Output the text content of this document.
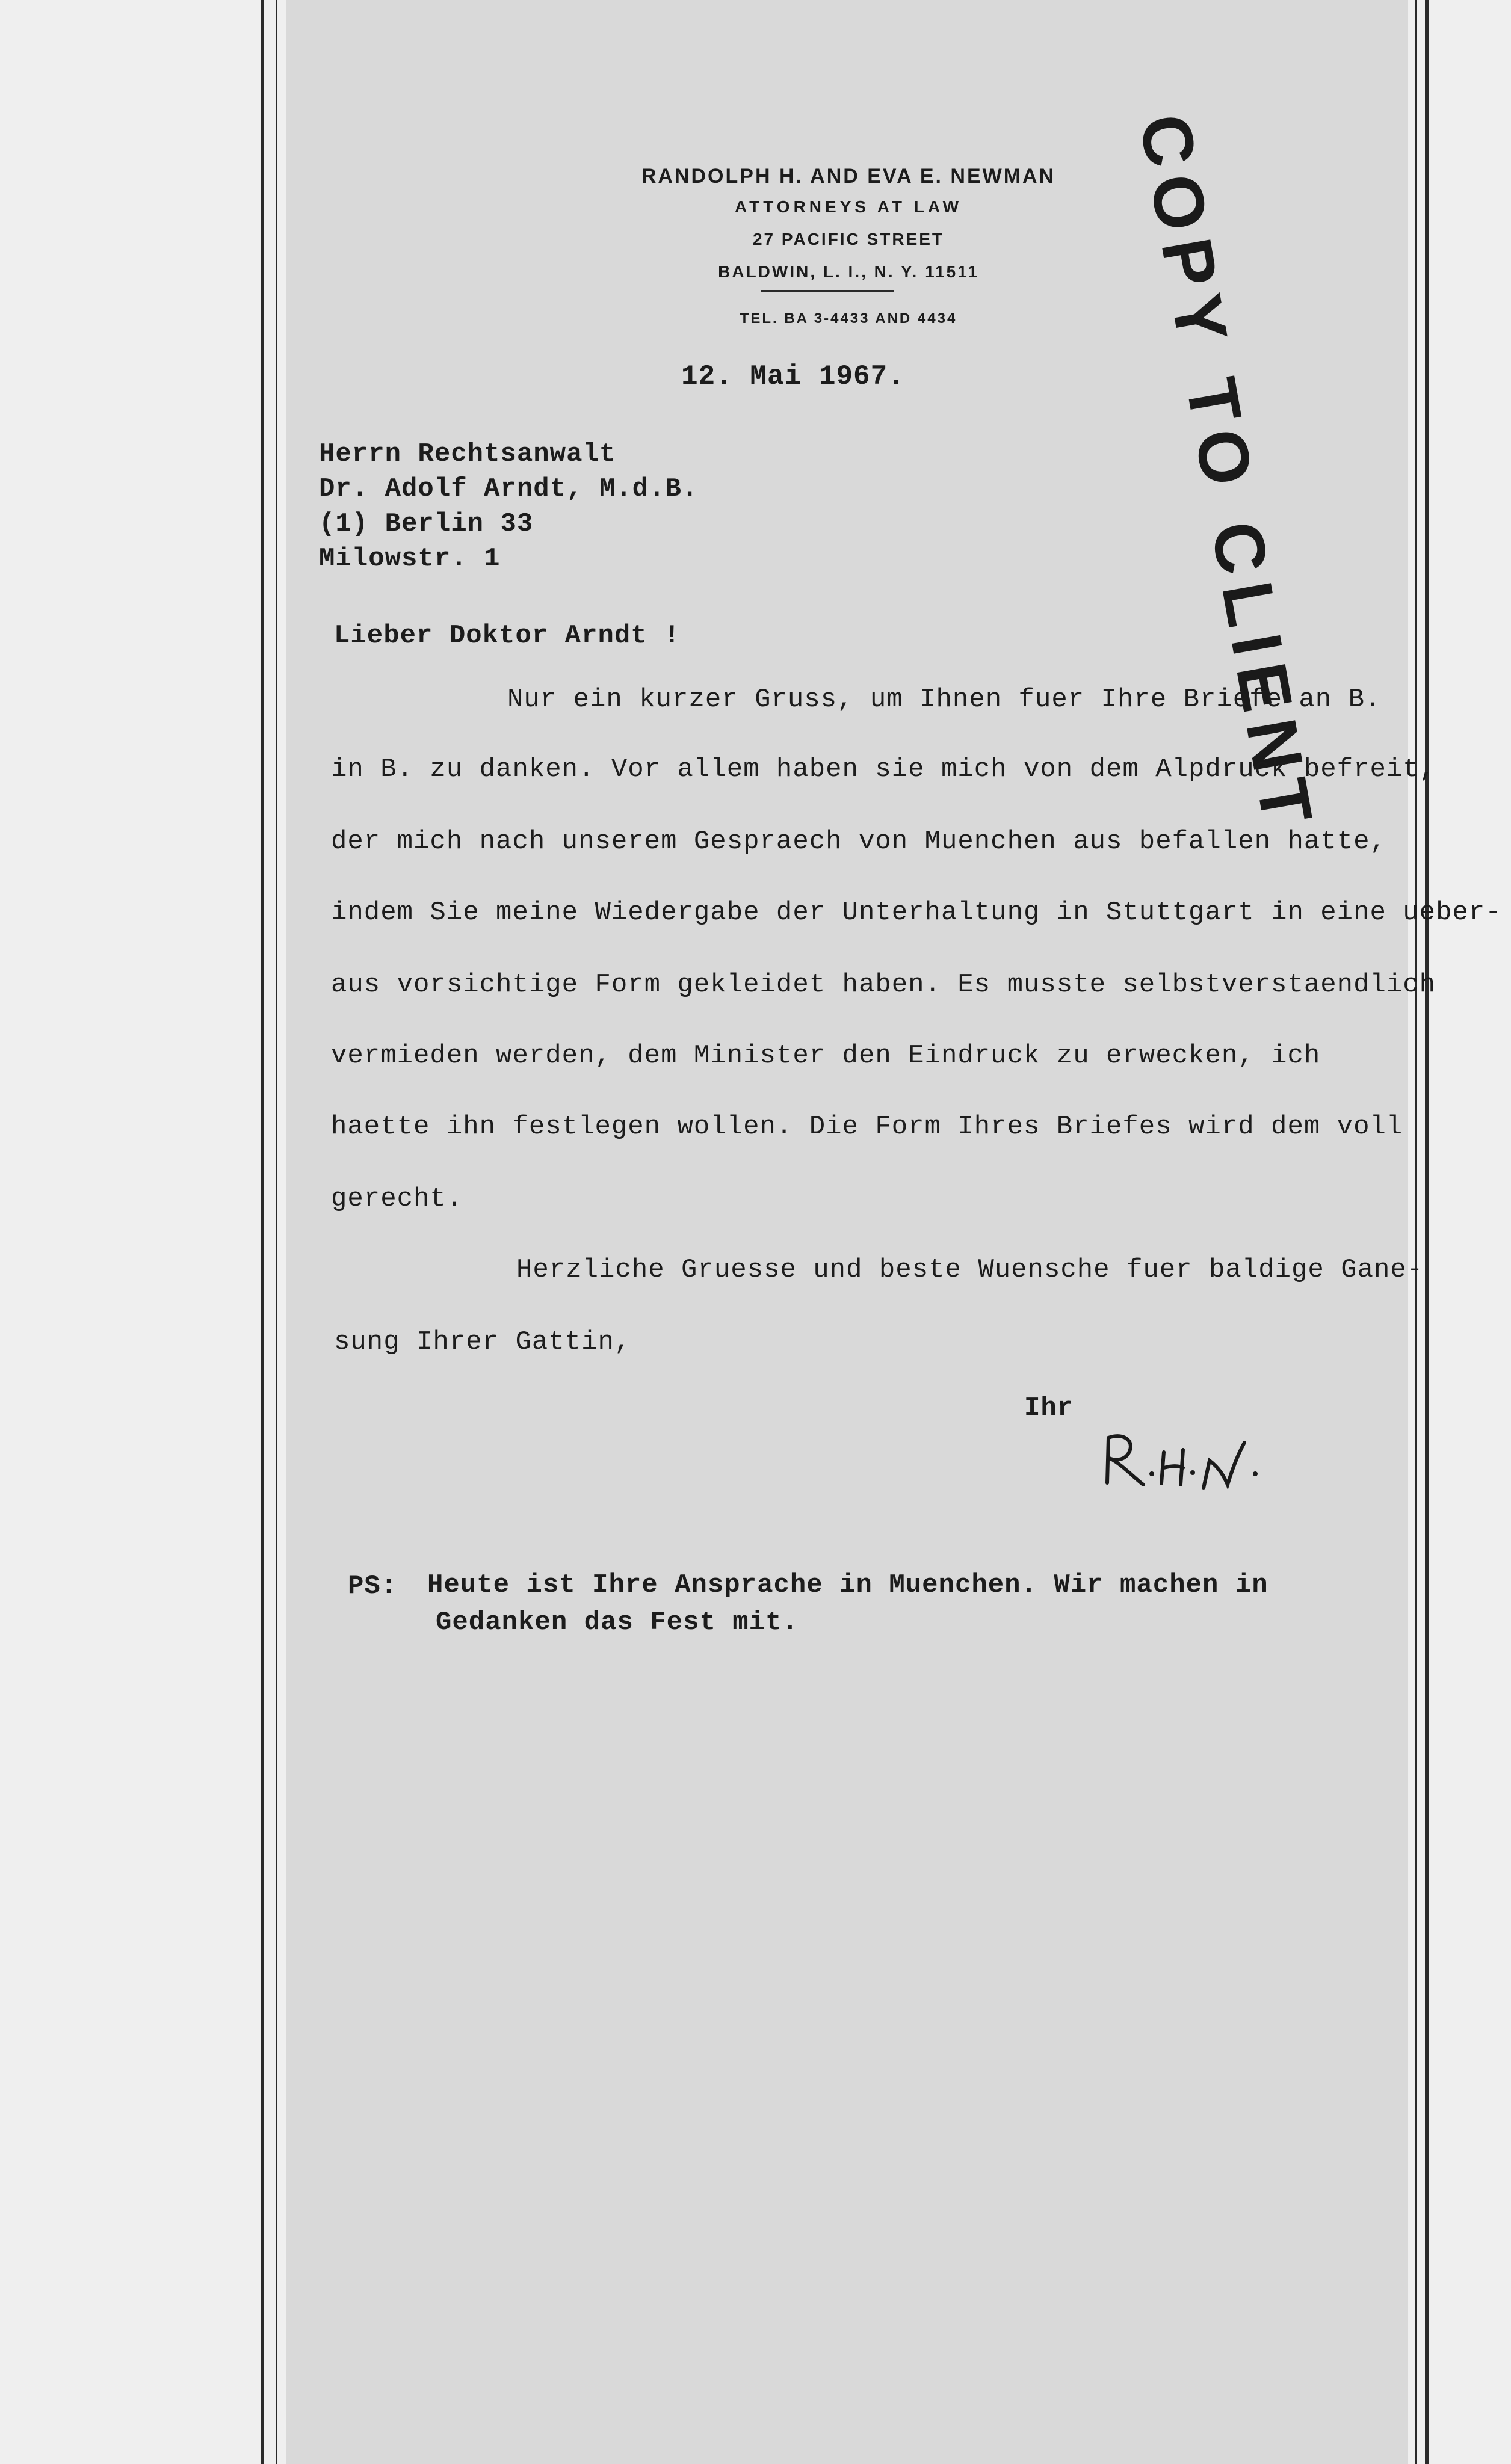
RANDOLPH H. AND EVA E. NEWMAN
ATTORNEYS AT LAW
27 PACIFIC STREET
BALDWIN, L. I., N. Y. 11511
TEL. BA 3-4433 AND 4434	COPY TO CLIENT
12. Mai 1967.
Herrn Rechtsanwalt
Dr. Adolf Arndt, M.d.B.
(1) Berlin 33
Milowstr. 1
Lieber Doktor Arndt !
Nur ein kurzer Gruss, um Ihnen fuer Ihre Briefe an B.
in B. zu danken. Vor allem haben sie mich von dem Alpdruck befreit,
der mich nach unserem Gespraech von Muenchen aus befallen hatte,
indem Sie meine Wiedergabe der Unterhaltung in Stuttgart in eine ueber-
aus vorsichtige Form gekleidet haben. Es musste selbstverstaendlich
vermieden werden, dem Minister den Eindruck zu erwecken, ich
haette ihn festlegen wollen. Die Form Ihres Briefes wird dem voll
gerecht.
Herzliche Gruesse und beste Wuensche fuer baldige Gane-
sung Ihrer Gattin,
Ihr
PS: Heute ist Ihre Ansprache in Muenchen. Wir machen in
Gedanken das Fest mit.
